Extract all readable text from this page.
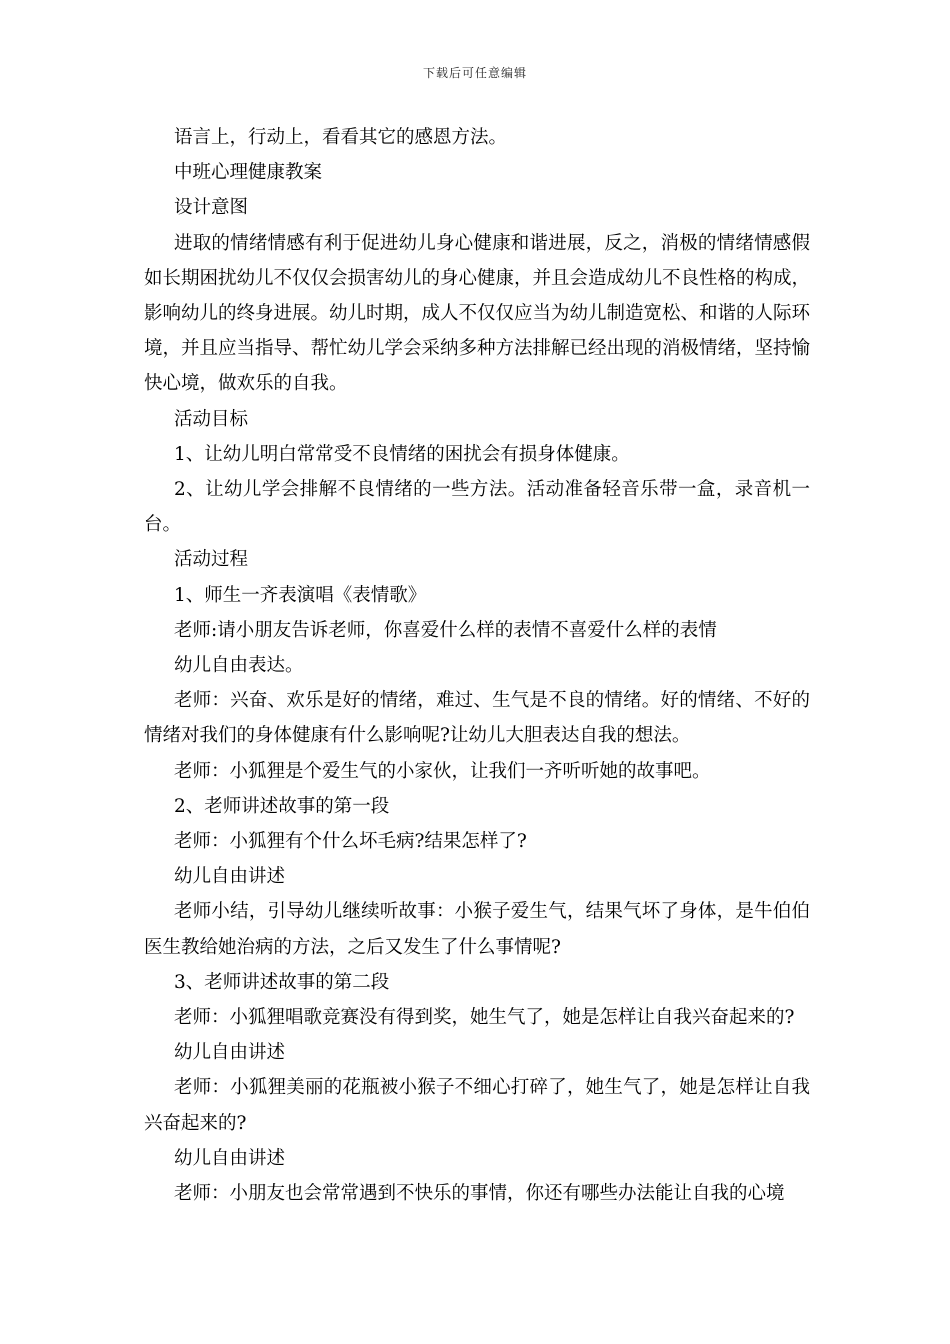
下载后可任意编辑

语言上，行动上，看看其它的感恩方法。

中班心理健康教案

设计意图

进取的情绪情感有利于促进幼儿身心健康和谐进展，反之，消极的情绪情感假如长期困扰幼儿不仅仅会损害幼儿的身心健康，并且会造成幼儿不良性格的构成，影响幼儿的终身进展。幼儿时期，成人不仅仅应当为幼儿制造宽松、和谐的人际环境，并且应当指导、帮忙幼儿学会采纳多种方法排解已经出现的消极情绪，坚持愉快心境，做欢乐的自我。

活动目标

1、让幼儿明白常常受不良情绪的困扰会有损身体健康。

2、让幼儿学会排解不良情绪的一些方法。活动准备轻音乐带一盒，录音机一台。

活动过程

1、师生一齐表演唱《表情歌》

老师:请小朋友告诉老师，你喜爱什么样的表情不喜爱什么样的表情

幼儿自由表达。

老师：兴奋、欢乐是好的情绪，难过、生气是不良的情绪。好的情绪、不好的情绪对我们的身体健康有什么影响呢?让幼儿大胆表达自我的想法。

老师：小狐狸是个爱生气的小家伙，让我们一齐听听她的故事吧。

2、老师讲述故事的第一段

老师：小狐狸有个什么坏毛病?结果怎样了?

幼儿自由讲述

老师小结，引导幼儿继续听故事：小猴子爱生气，结果气坏了身体，是牛伯伯医生教给她治病的方法，之后又发生了什么事情呢?

3、老师讲述故事的第二段

老师：小狐狸唱歌竞赛没有得到奖，她生气了，她是怎样让自我兴奋起来的?

幼儿自由讲述

老师：小狐狸美丽的花瓶被小猴子不细心打碎了，她生气了，她是怎样让自我兴奋起来的?

幼儿自由讲述

老师：小朋友也会常常遇到不快乐的事情，你还有哪些办法能让自我的心境
